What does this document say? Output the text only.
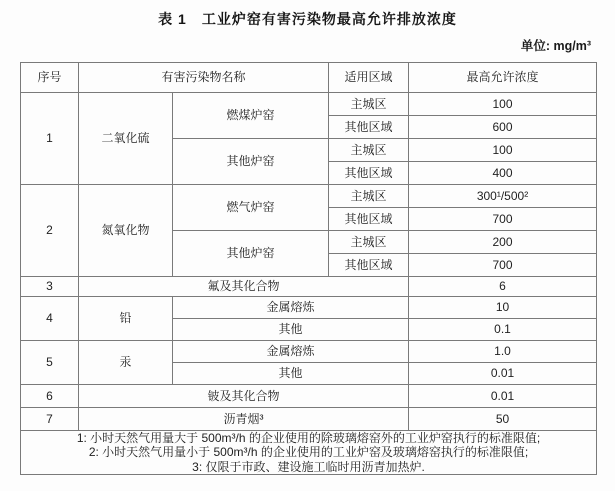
表 1　工业炉窑有害污染物最高允许排放浓度
单位: mg/m³
序号	有害污染物名称		适用区域	最高允许浓度
1	二氧化硫	燃煤炉窑	主城区	100
			其他区域	600
		其他炉窑	主城区	100
			其他区域	400
2	氮氧化物	燃气炉窑	主城区	300¹/500²
			其他区域	700
		其他炉窑	主城区	200
			其他区域	700
3	氟及其化合物			6
4	铅	金属熔炼		10
		其他		0.1
5	汞	金属熔炼		1.0
		其他		0.01
6	铍及其化合物			0.01
7	沥青烟³			50

1: 小时天然气用量大于 500m³/h 的企业使用的除玻璃熔窑外的工业炉窑执行的标准限值;
2: 小时天然气用量小于 500m³/h 的企业使用的工业炉窑及玻璃熔窑执行的标准限值;
3: 仅限于市政、建设施工临时用沥青加热炉.				
